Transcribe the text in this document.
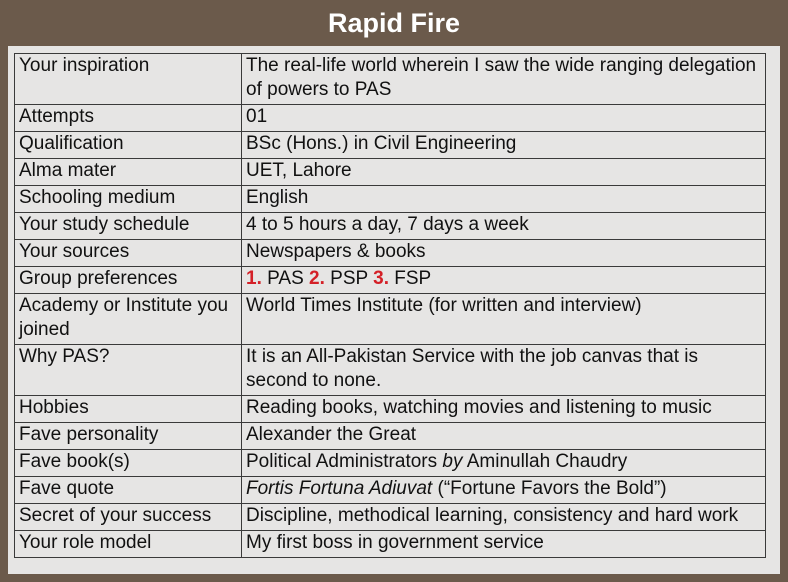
Rapid Fire
Your inspiration	The real-life world wherein I saw the wide ranging delegation of powers to PAS
Attempts	01
Qualification	BSc (Hons.) in Civil Engineering
Alma mater	UET, Lahore
Schooling medium	English
Your study schedule	4 to 5 hours a day, 7 days a week
Your sources	Newspapers & books
Group preferences	1. PAS 2. PSP 3. FSP
Academy or Institute you joined	World Times Institute (for written and interview)
Why PAS?	It is an All-Pakistan Service with the job canvas that is second to none.
Hobbies	Reading books, watching movies and listening to music
Fave personality	Alexander the Great
Fave book(s)	Political Administrators by Aminullah Chaudry
Fave quote	Fortis Fortuna Adiuvat (“Fortune Favors the Bold”)
Secret of your success	Discipline, methodical learning, consistency and hard work
Your role model	My first boss in government service
